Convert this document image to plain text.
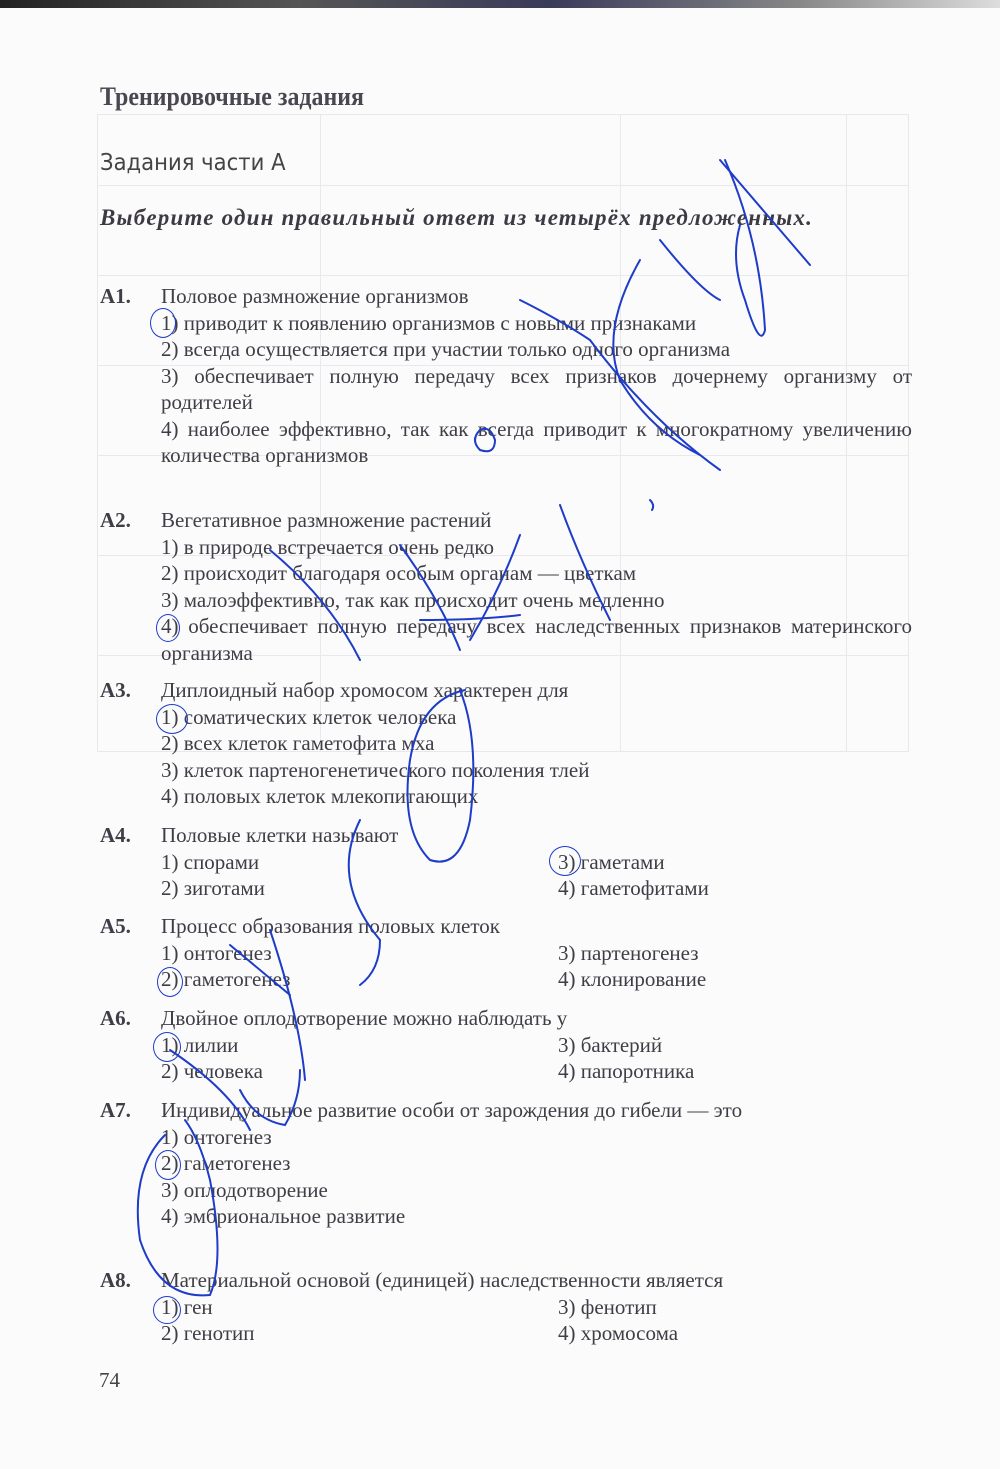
Тренировочные задания
Задания части А
Выберите один правильный ответ из четырёх предложенных.
А1. Половое размножение организмов
1) приводит к появлению организмов с новыми признаками
2) всегда осуществляется при участии только одного организма
3) обеспечивает полную передачу всех признаков дочернему организму от родителей
4) наиболее эффективно, так как всегда приводит к многократному увеличению количества организмов
А2. Вегетативное размножение растений
1) в природе встречается очень редко
2) происходит благодаря особым органам — цветкам
3) малоэффективно, так как происходит очень медленно
4) обеспечивает полную передачу всех наследственных признаков материнского организма
А3. Диплоидный набор хромосом характерен для
1) соматических клеток человека
2) всех клеток гаметофита мха
3) клеток партеногенетического поколения тлей
4) половых клеток млекопитающих
А4. Половые клетки называют
1) спорами	3) гаметами
2) зиготами	4) гаметофитами
А5. Процесс образования половых клеток
1) онтогенез	3) партеногенез
2) гаметогенез	4) клонирование
А6. Двойное оплодотворение можно наблюдать у
1) лилии	3) бактерий
2) человека	4) папоротника
А7. Индивидуальное развитие особи от зарождения до гибели — это
1) онтогенез
2) гаметогенез
3) оплодотворение
4) эмбриональное развитие
А8. Материальной основой (единицей) наследственности является
1) ген	3) фенотип
2) генотип	4) хромосома
74
